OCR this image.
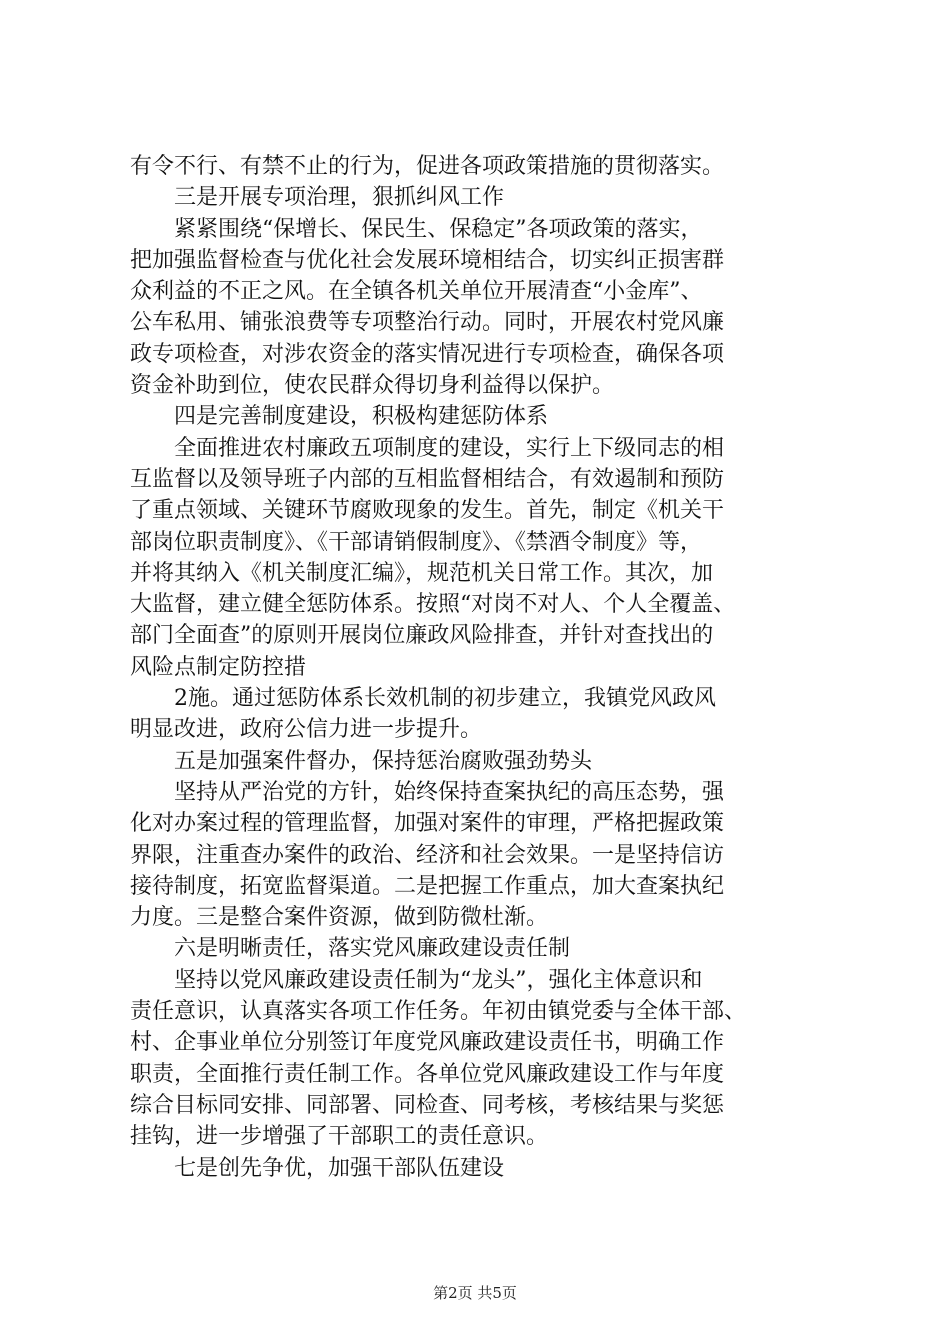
有令不行、有禁不止的行为，促进各项政策措施的贯彻落实。
三是开展专项治理，狠抓纠风工作
紧紧围绕“保增长、保民生、保稳定”各项政策的落实，
把加强监督检查与优化社会发展环境相结合，切实纠正损害群
众利益的不正之风。在全镇各机关单位开展清查“小金库”、
公车私用、铺张浪费等专项整治行动。同时，开展农村党风廉
政专项检查，对涉农资金的落实情况进行专项检查，确保各项
资金补助到位，使农民群众得切身利益得以保护。
四是完善制度建设，积极构建惩防体系
全面推进农村廉政五项制度的建设，实行上下级同志的相
互监督以及领导班子内部的互相监督相结合，有效遏制和预防
了重点领域、关键环节腐败现象的发生。首先，制定《机关干
部岗位职责制度》、《干部请销假制度》、《禁酒令制度》等，
并将其纳入《机关制度汇编》，规范机关日常工作。其次，加
大监督，建立健全惩防体系。按照“对岗不对人、个人全覆盖、
部门全面查”的原则开展岗位廉政风险排查，并针对查找出的
风险点制定防控措
2施。通过惩防体系长效机制的初步建立，我镇党风政风
明显改进，政府公信力进一步提升。
五是加强案件督办，保持惩治腐败强劲势头
坚持从严治党的方针，始终保持查案执纪的高压态势，强
化对办案过程的管理监督，加强对案件的审理，严格把握政策
界限，注重查办案件的政治、经济和社会效果。一是坚持信访
接待制度，拓宽监督渠道。二是把握工作重点，加大查案执纪
力度。三是整合案件资源，做到防微杜渐。
六是明晰责任，落实党风廉政建设责任制
坚持以党风廉政建设责任制为“龙头”，强化主体意识和
责任意识，认真落实各项工作任务。年初由镇党委与全体干部、
村、企事业单位分别签订年度党风廉政建设责任书，明确工作
职责，全面推行责任制工作。各单位党风廉政建设工作与年度
综合目标同安排、同部署、同检查、同考核，考核结果与奖惩
挂钩，进一步增强了干部职工的责任意识。
七是创先争优，加强干部队伍建设
第2页 共5页
